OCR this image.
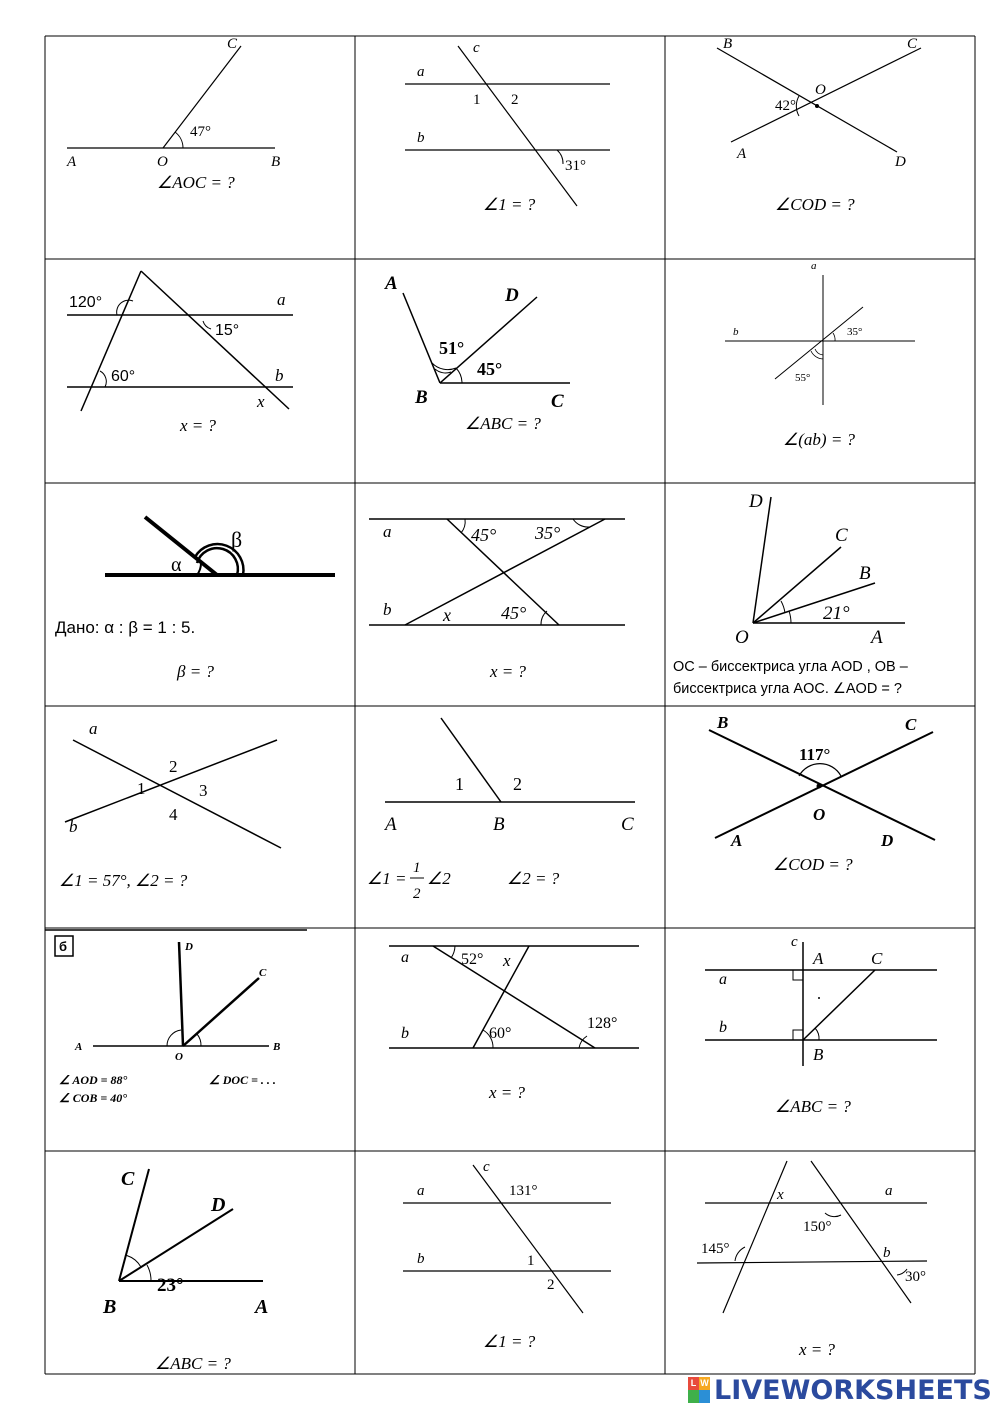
C
A	O	B
47°
∠AOC = ?
a
b
c
1 2
31°
∠1 = ?
B	C
O
A	D
42°
∠COD = ?
120°	a
15°
60°	b
x
x = ?
A
D
51°
45°
B	C
∠ABC = ?
a
b	35°
55°
∠(ab) = ?
α
β
Дано: α : β = 1 : 5.
β = ?
a	45° 35°
b	x	45°
x = ?
D
C
B
21°
O	A
OC – биссектриса угла AOD , OB –
биссектриса угла AOC. ∠AOD = ?
a
2
1	3
4
b
∠1 = 57°, ∠2 = ?
1	2
A	B	C
∠1 =
1
2
∠2	∠2 = ?
B	C
117°
O
A	D
∠COD = ?
б	D
C
A
O
B
∠ AOD = 88°
∠ COB = 40°
∠ DOC = . . .
a	52° x
b	60°
128°
x = ?
c
A	C
a
b
B
∠ABC = ?
C
D
23°
B	A
∠ABC = ?
c
131°
a
b	1
2
∠1 = ?
x	a
150°
145°	b
30°
x = ?
L W LIVEWORKSHEETS
